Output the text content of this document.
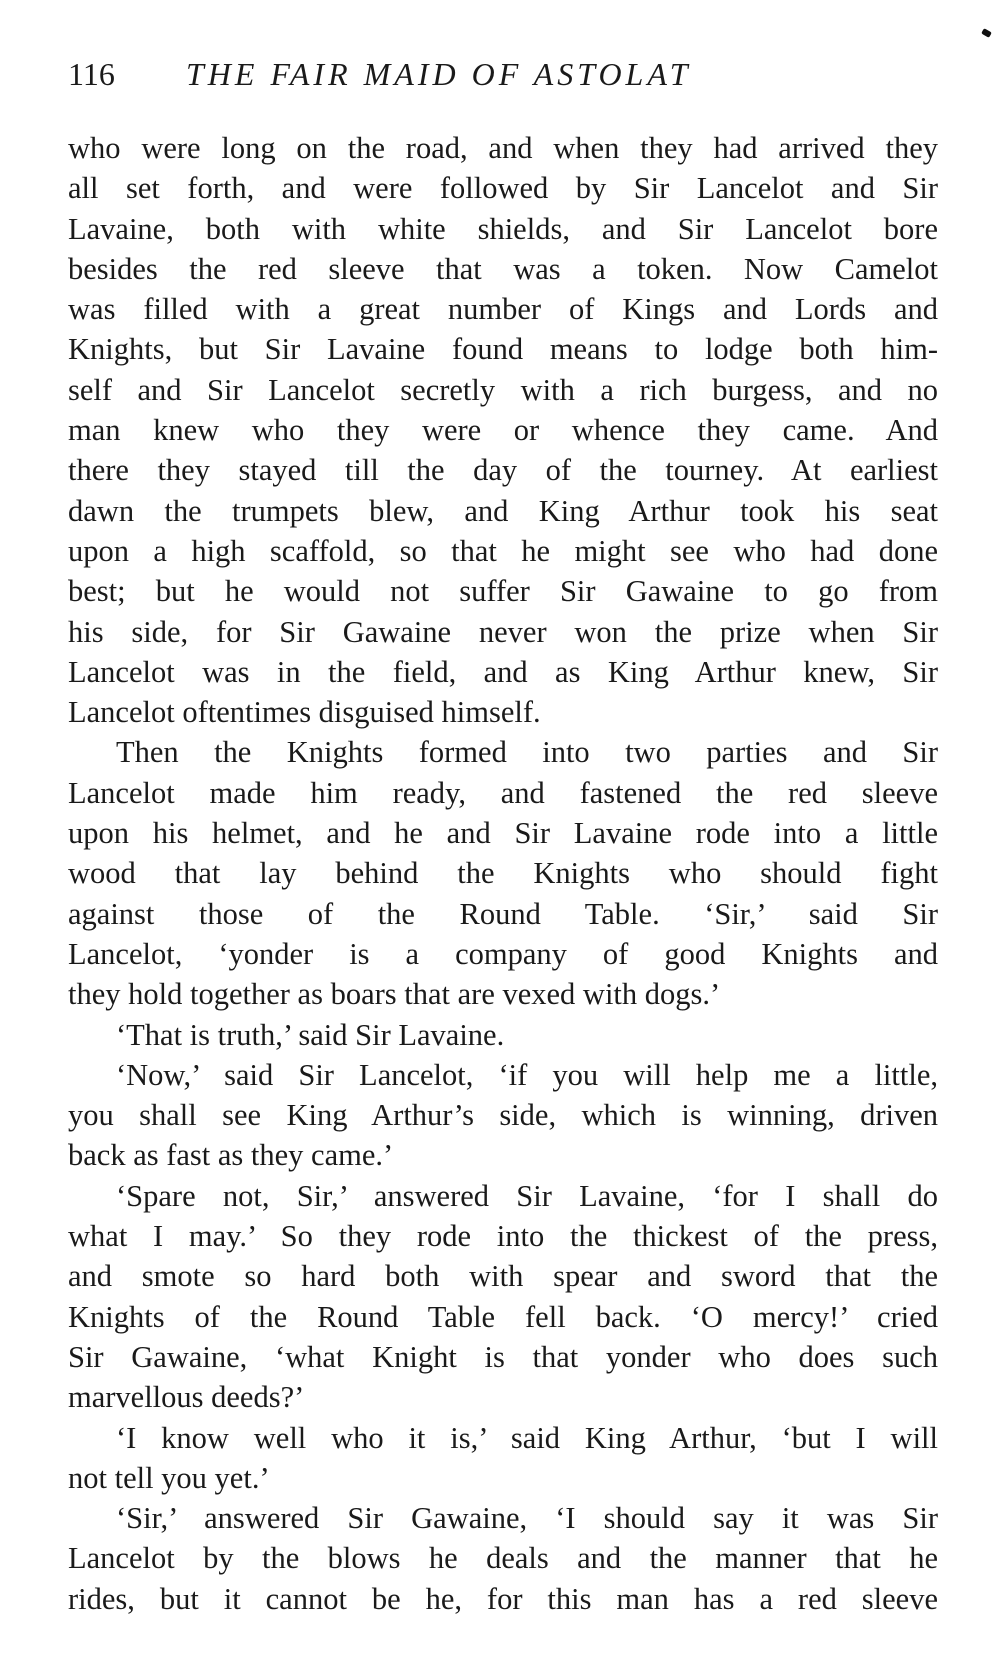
116 THE FAIR MAID OF ASTOLAT
who were long on the road, and when they had arrived they
all set forth, and were followed by Sir Lancelot and Sir
Lavaine, both with white shields, and Sir Lancelot bore
besides the red sleeve that was a token. Now Camelot
was filled with a great number of Kings and Lords and
Knights, but Sir Lavaine found means to lodge both him-
self and Sir Lancelot secretly with a rich burgess, and no
man knew who they were or whence they came. And
there they stayed till the day of the tourney. At earliest
dawn the trumpets blew, and King Arthur took his seat
upon a high scaffold, so that he might see who had done
best; but he would not suffer Sir Gawaine to go from
his side, for Sir Gawaine never won the prize when Sir
Lancelot was in the field, and as King Arthur knew, Sir
Lancelot oftentimes disguised himself.
Then the Knights formed into two parties and Sir
Lancelot made him ready, and fastened the red sleeve
upon his helmet, and he and Sir Lavaine rode into a little
wood that lay behind the Knights who should fight
against those of the Round Table. ‘Sir,’ said Sir
Lancelot, ‘yonder is a company of good Knights and
they hold together as boars that are vexed with dogs.’
‘That is truth,’ said Sir Lavaine.
‘Now,’ said Sir Lancelot, ‘if you will help me a little,
you shall see King Arthur’s side, which is winning, driven
back as fast as they came.’
‘Spare not, Sir,’ answered Sir Lavaine, ‘for I shall do
what I may.’ So they rode into the thickest of the press,
and smote so hard both with spear and sword that the
Knights of the Round Table fell back. ‘O mercy!’ cried
Sir Gawaine, ‘what Knight is that yonder who does such
marvellous deeds?’
‘I know well who it is,’ said King Arthur, ‘but I will
not tell you yet.’
‘Sir,’ answered Sir Gawaine, ‘I should say it was Sir
Lancelot by the blows he deals and the manner that he
rides, but it cannot be he, for this man has a red sleeve
